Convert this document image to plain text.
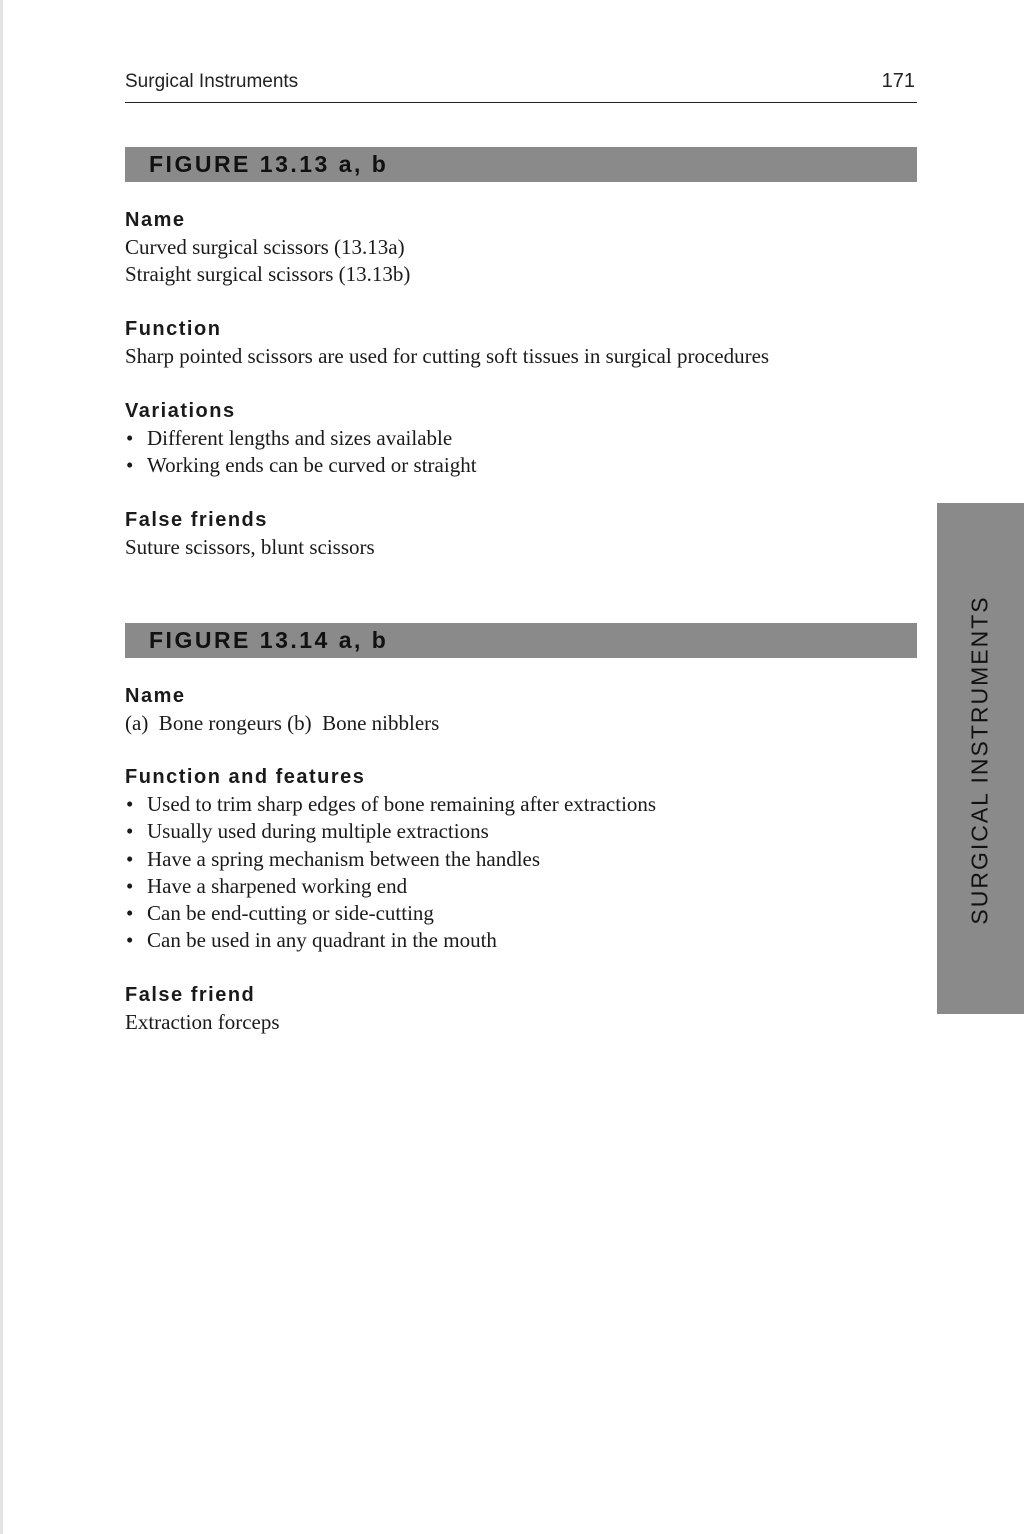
Surgical Instruments	171
FIGURE 13.13 a, b
Name
Curved surgical scissors (13.13a)
Straight surgical scissors (13.13b)
Function
Sharp pointed scissors are used for cutting soft tissues in surgical procedures
Variations
• Different lengths and sizes available
• Working ends can be curved or straight
False friends
Suture scissors, blunt scissors
FIGURE 13.14 a, b
Name
(a)  Bone rongeurs (b)  Bone nibblers
Function and features
• Used to trim sharp edges of bone remaining after extractions
• Usually used during multiple extractions
• Have a spring mechanism between the handles
• Have a sharpened working end
• Can be end-cutting or side-cutting
• Can be used in any quadrant in the mouth
False friend
Extraction forceps
SURGICAL INSTRUMENTS
